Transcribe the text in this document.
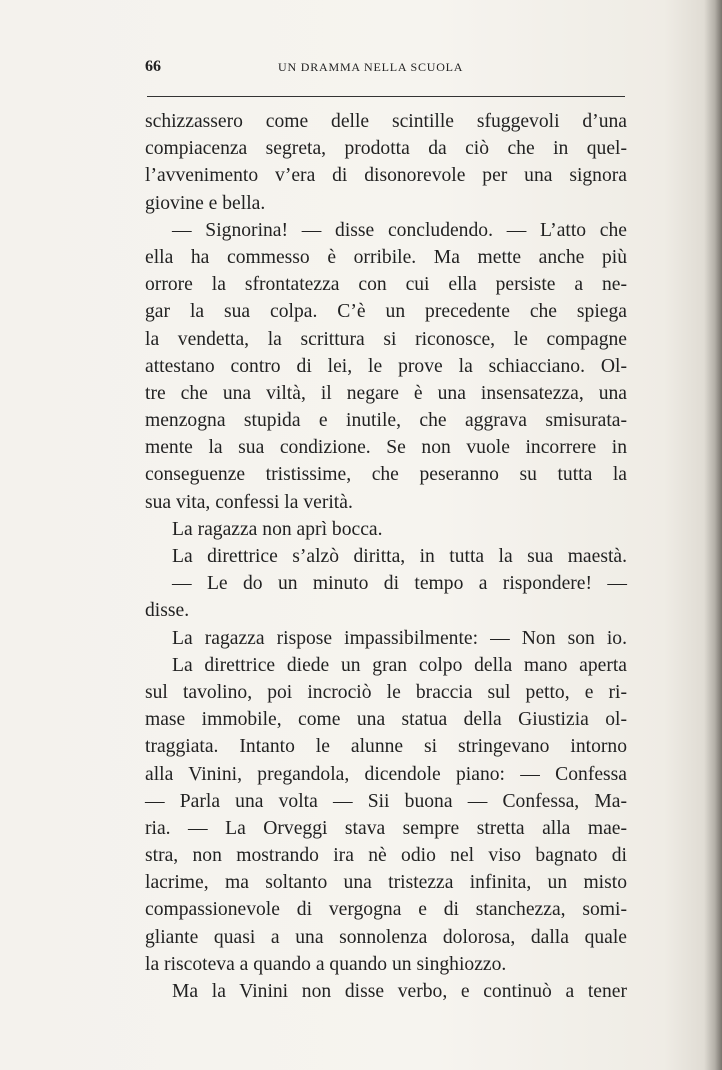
66	UN DRAMMA NELLA SCUOLA
schizzassero come delle scintille sfuggevoli d’una
compiacenza segreta, prodotta da ciò che in quel-
l’avvenimento v’era di disonorevole per una signora
giovine e bella.
— Signorina! — disse concludendo. — L’atto che
ella ha commesso è orribile. Ma mette anche più
orrore la sfrontatezza con cui ella persiste a ne-
gar la sua colpa. C’è un precedente che spiega
la vendetta, la scrittura si riconosce, le compagne
attestano contro di lei, le prove la schiacciano. Ol-
tre che una viltà, il negare è una insensatezza, una
menzogna stupida e inutile, che aggrava smisurata-
mente la sua condizione. Se non vuole incorrere in
conseguenze tristissime, che peseranno su tutta la
sua vita, confessi la verità.
La ragazza non aprì bocca.
La direttrice s’alzò diritta, in tutta la sua maestà.
— Le do un minuto di tempo a rispondere! —
disse.
La ragazza rispose impassibilmente: — Non son io.
La direttrice diede un gran colpo della mano aperta
sul tavolino, poi incrociò le braccia sul petto, e ri-
mase immobile, come una statua della Giustizia ol-
traggiata. Intanto le alunne si stringevano intorno
alla Vinini, pregandola, dicendole piano: — Confessa
— Parla una volta — Sii buona — Confessa, Ma-
ria. — La Orveggi stava sempre stretta alla mae-
stra, non mostrando ira nè odio nel viso bagnato di
lacrime, ma soltanto una tristezza infinita, un misto
compassionevole di vergogna e di stanchezza, somi-
gliante quasi a una sonnolenza dolorosa, dalla quale
la riscoteva a quando a quando un singhiozzo.
Ma la Vinini non disse verbo, e continuò a tener
